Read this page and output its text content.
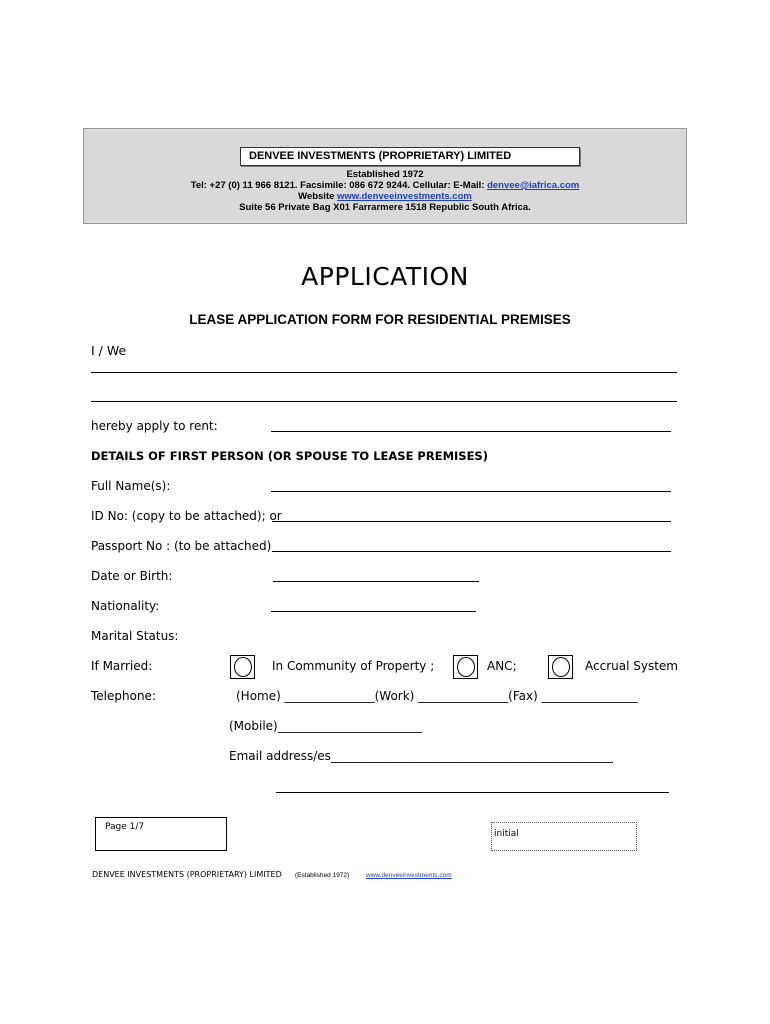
DENVEE INVESTMENTS (PROPRIETARY) LIMITED
Established 1972
Tel: +27 (0) 11 966 8121. Facsimile: 086 672 9244. Cellular: E-Mail: denvee@iafrica.com
Website www.denveeinvestments.com
Suite 56 Private Bag X01 Farrarmere 1518 Republic South Africa.
APPLICATION
LEASE APPLICATION FORM FOR RESIDENTIAL PREMISES
I / We
hereby apply to rent:
DETAILS OF FIRST PERSON (OR SPOUSE TO LEASE PREMISES)
Full Name(s):
ID No: (copy to be attached); or
Passport No : (to be attached)
Date or Birth:
Nationality:
Marital Status:
If Married:	In Community of Property ;	ANC;	Accrual System
Telephone:	(Home) _______________(Work) _______________(Fax) ________________
(Mobile)________________________
Email address/es_______________________________________________
Page 1/7
initial
DENVEE INVESTMENTS (PROPRIETARY) LIMITED (Established 1972)	www.denveeinvestments.com
